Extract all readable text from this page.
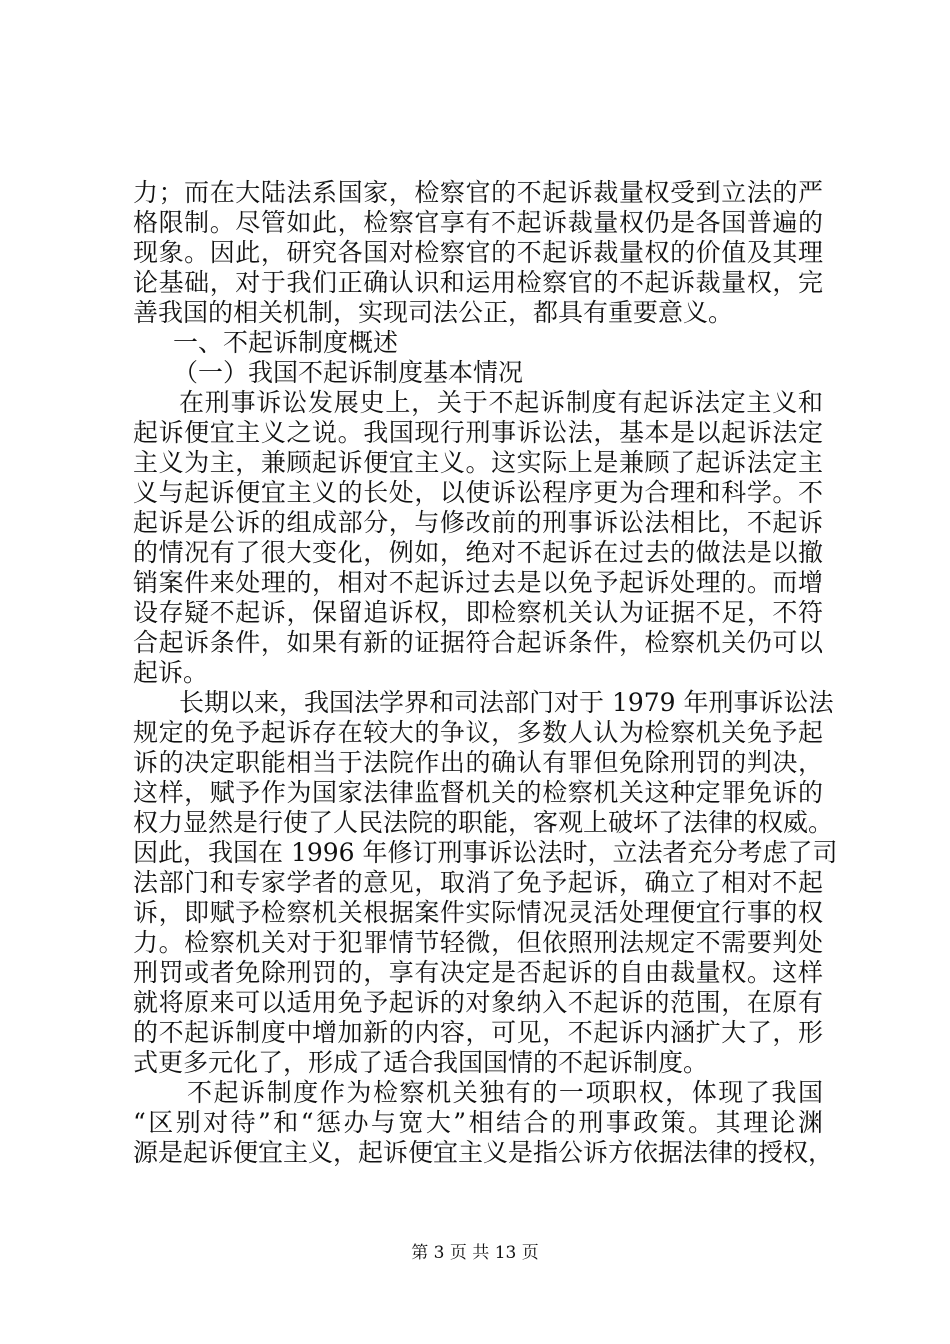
力；而在大陆法系国家，检察官的不起诉裁量权受到立法的严
格限制。尽管如此，检察官享有不起诉裁量权仍是各国普遍的
现象。因此，研究各国对检察官的不起诉裁量权的价值及其理
论基础，对于我们正确认识和运用检察官的不起诉裁量权，完
善我国的相关机制，实现司法公正，都具有重要意义。
一、不起诉制度概述
（一）我国不起诉制度基本情况
在刑事诉讼发展史上，关于不起诉制度有起诉法定主义和
起诉便宜主义之说。我国现行刑事诉讼法，基本是以起诉法定
主义为主，兼顾起诉便宜主义。这实际上是兼顾了起诉法定主
义与起诉便宜主义的长处，以使诉讼程序更为合理和科学。不
起诉是公诉的组成部分，与修改前的刑事诉讼法相比，不起诉
的情况有了很大变化，例如，绝对不起诉在过去的做法是以撤
销案件来处理的，相对不起诉过去是以免予起诉处理的。而增
设存疑不起诉，保留追诉权，即检察机关认为证据不足，不符
合起诉条件，如果有新的证据符合起诉条件，检察机关仍可以
起诉。
长期以来，我国法学界和司法部门对于 1979 年刑事诉讼法
规定的免予起诉存在较大的争议，多数人认为检察机关免予起
诉的决定职能相当于法院作出的确认有罪但免除刑罚的判决，
这样，赋予作为国家法律监督机关的检察机关这种定罪免诉的
权力显然是行使了人民法院的职能，客观上破坏了法律的权威。
因此，我国在 1996 年修订刑事诉讼法时，立法者充分考虑了司
法部门和专家学者的意见，取消了免予起诉，确立了相对不起
诉，即赋予检察机关根据案件实际情况灵活处理便宜行事的权
力。检察机关对于犯罪情节轻微，但依照刑法规定不需要判处
刑罚或者免除刑罚的，享有决定是否起诉的自由裁量权。这样
就将原来可以适用免予起诉的对象纳入不起诉的范围，在原有
的不起诉制度中增加新的内容，可见，不起诉内涵扩大了，形
式更多元化了，形成了适合我国国情的不起诉制度。
不起诉制度作为检察机关独有的一项职权，体现了我国
“区别对待”和“惩办与宽大”相结合的刑事政策。其理论渊
源是起诉便宜主义，起诉便宜主义是指公诉方依据法律的授权，
第 3 页 共 13 页
